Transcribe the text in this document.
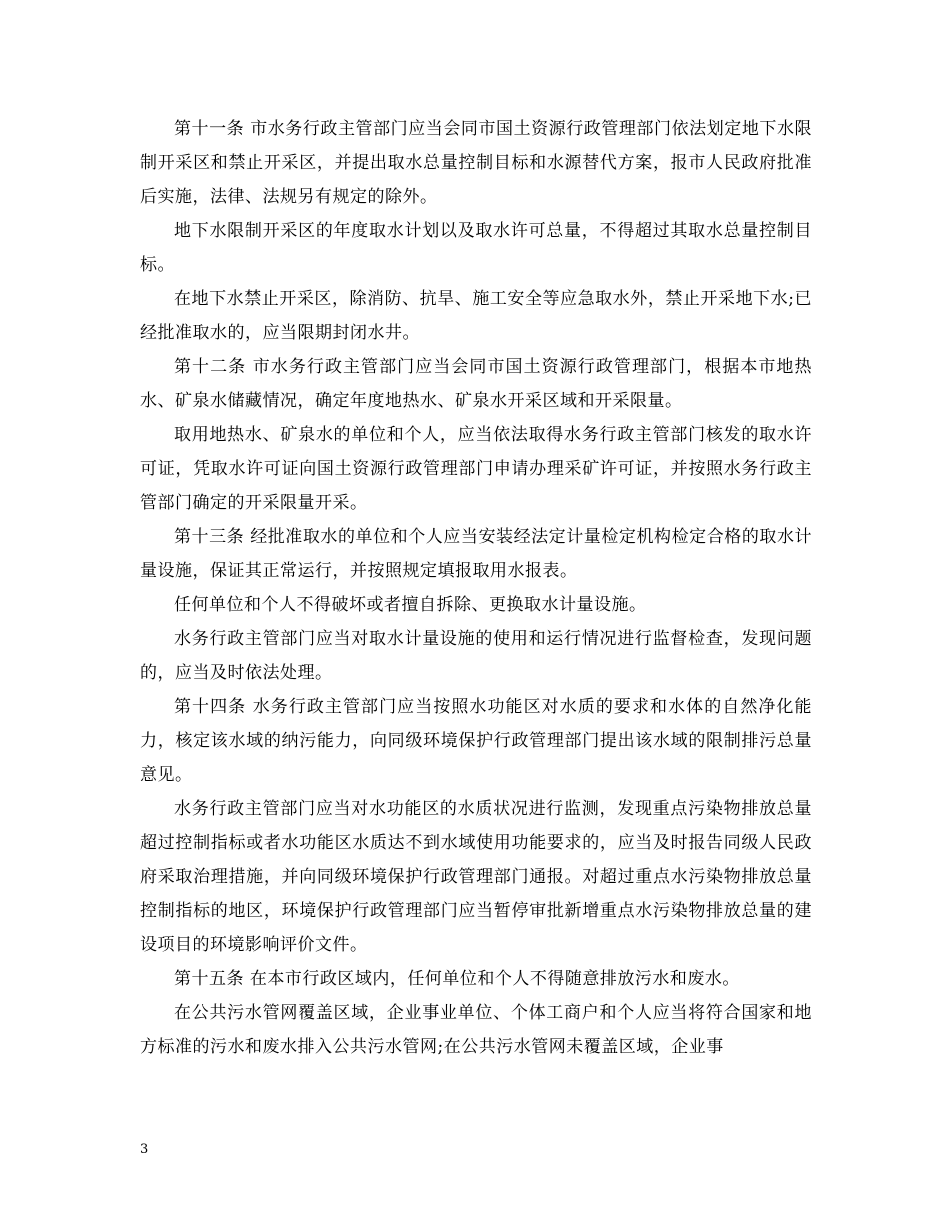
第十一条 市水务行政主管部门应当会同市国土资源行政管理部门依法划定地下水限制开采区和禁止开采区，并提出取水总量控制目标和水源替代方案，报市人民政府批准后实施，法律、法规另有规定的除外。

地下水限制开采区的年度取水计划以及取水许可总量，不得超过其取水总量控制目标。

在地下水禁止开采区，除消防、抗旱、施工安全等应急取水外，禁止开采地下水;已经批准取水的，应当限期封闭水井。

第十二条 市水务行政主管部门应当会同市国土资源行政管理部门，根据本市地热水、矿泉水储藏情况，确定年度地热水、矿泉水开采区域和开采限量。

取用地热水、矿泉水的单位和个人，应当依法取得水务行政主管部门核发的取水许可证，凭取水许可证向国土资源行政管理部门申请办理采矿许可证，并按照水务行政主管部门确定的开采限量开采。

第十三条 经批准取水的单位和个人应当安装经法定计量检定机构检定合格的取水计量设施，保证其正常运行，并按照规定填报取用水报表。

任何单位和个人不得破坏或者擅自拆除、更换取水计量设施。

水务行政主管部门应当对取水计量设施的使用和运行情况进行监督检查，发现问题的，应当及时依法处理。

第十四条 水务行政主管部门应当按照水功能区对水质的要求和水体的自然净化能力，核定该水域的纳污能力，向同级环境保护行政管理部门提出该水域的限制排污总量意见。

水务行政主管部门应当对水功能区的水质状况进行监测，发现重点污染物排放总量超过控制指标或者水功能区水质达不到水域使用功能要求的，应当及时报告同级人民政府采取治理措施，并向同级环境保护行政管理部门通报。对超过重点水污染物排放总量控制指标的地区，环境保护行政管理部门应当暂停审批新增重点水污染物排放总量的建设项目的环境影响评价文件。

第十五条 在本市行政区域内，任何单位和个人不得随意排放污水和废水。

在公共污水管网覆盖区域，企业事业单位、个体工商户和个人应当将符合国家和地方标准的污水和废水排入公共污水管网;在公共污水管网未覆盖区域，企业事

3
